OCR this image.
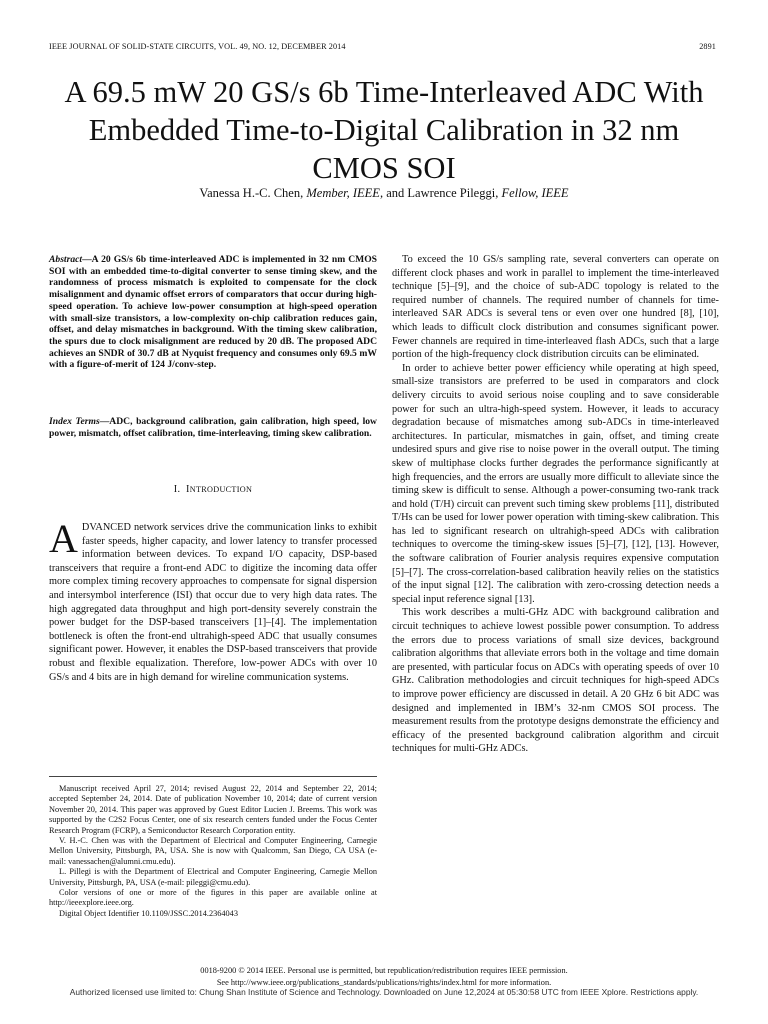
IEEE JOURNAL OF SOLID-STATE CIRCUITS, VOL. 49, NO. 12, DECEMBER 2014	2891
A 69.5 mW 20 GS/s 6b Time-Interleaved ADC With Embedded Time-to-Digital Calibration in 32 nm CMOS SOI
Vanessa H.-C. Chen, Member, IEEE, and Lawrence Pileggi, Fellow, IEEE
Abstract—A 20 GS/s 6b time-interleaved ADC is implemented in 32 nm CMOS SOI with an embedded time-to-digital converter to sense timing skew, and the randomness of process mismatch is exploited to compensate for the clock misalignment and dynamic offset errors of comparators that occur during high-speed operation. To achieve low-power consumption at high-speed operation with small-size transistors, a low-complexity on-chip calibration reduces gain, offset, and delay mismatches in background. With the timing skew calibration, the spurs due to clock misalignment are reduced by 20 dB. The proposed ADC achieves an SNDR of 30.7 dB at Nyquist frequency and consumes only 69.5 mW with a figure-of-merit of 124 J/conv-step.
Index Terms—ADC, background calibration, gain calibration, high speed, low power, mismatch, offset calibration, time-interleaving, timing skew calibration.
I. INTRODUCTION
ADVANCED network services drive the communication links to exhibit faster speeds, higher capacity, and lower latency to transfer processed information between devices. To expand I/O capacity, DSP-based transceivers that require a front-end ADC to digitize the incoming data offer more complex timing recovery approaches to compensate for signal dispersion and intersymbol interference (ISI) that occur due to very high data rates. The high aggregated data throughput and high port-density severely constrain the power budget for the DSP-based transceivers [1]–[4]. The implementation bottleneck is often the front-end ultrahigh-speed ADC that usually consumes significant power. However, it enables the DSP-based transceivers that provide robust and flexible equalization. Therefore, low-power ADCs with over 10 GS/s and 4 bits are in high demand for wireline communication systems.

Manuscript received April 27, 2014; revised August 22, 2014 and September 22, 2014; accepted September 24, 2014. Date of publication November 10, 2014; date of current version November 20, 2014. This paper was approved by Guest Editor Lucien J. Breems. This work was supported by the C2S2 Focus Center, one of six research centers funded under the Focus Center Research Program (FCRP), a Semiconductor Research Corporation entity.

V. H.-C. Chen was with the Department of Electrical and Computer Engineering, Carnegie Mellon University, Pittsburgh, PA, USA. She is now with Qualcomm, San Diego, CA USA (e-mail: vanessachen@alumni.cmu.edu).

L. Pillegi is with the Department of Electrical and Computer Engineering, Carnegie Mellon University, Pittsburgh, PA, USA (e-mail: pileggi@cmu.edu).

Color versions of one or more of the figures in this paper are available online at http://ieeexplore.ieee.org.

Digital Object Identifier 10.1109/JSSC.2014.2364043

To exceed the 10 GS/s sampling rate, several converters can operate on different clock phases and work in parallel to implement the time-interleaved technique [5]–[9], and the choice of sub-ADC topology is related to the required number of channels. The required number of channels for time-interleaved SAR ADCs is several tens or even over one hundred [8], [10], which leads to difficult clock distribution and consumes significant power. Fewer channels are required in time-interleaved flash ADCs, such that a large portion of the high-frequency clock distribution circuits can be eliminated.

In order to achieve better power efficiency while operating at high speed, small-size transistors are preferred to be used in comparators and clock delivery circuits to avoid serious noise coupling and to save considerable power for such an ultra-high-speed system. However, it leads to accuracy degradation because of mismatches among sub-ADCs in time-interleaved architectures. In particular, mismatches in gain, offset, and timing create undesired spurs and give rise to noise power in the overall output. The timing skew of multiphase clocks further degrades the performance significantly at high frequencies, and the errors are usually more difficult to alleviate since the timing skew is difficult to sense. Although a power-consuming two-rank track and hold (T/H) circuit can prevent such timing skew problems [11], distributed T/Hs can be used for lower power operation with timing-skew calibration. This has led to significant research on ultrahigh-speed ADCs with calibration techniques to overcome the timing-skew issues [5]–[7], [12], [13]. However, the software calibration of Fourier analysis requires expensive computation [5]–[7]. The cross-correlation-based calibration heavily relies on the statistics of the input signal [12]. The calibration with zero-crossing detection needs a special input reference signal [13].

This work describes a multi-GHz ADC with background calibration and circuit techniques to achieve lowest possible power consumption. To address the errors due to process variations of small size devices, background calibration algorithms that alleviate errors both in the voltage and time domain are presented, with particular focus on ADCs with operating speeds of over 10 GHz. Calibration methodologies and circuit techniques for high-speed ADCs to improve power efficiency are discussed in detail. A 20 GHz 6 bit ADC was designed and implemented in IBM’s 32-nm CMOS SOI process. The measurement results from the prototype designs demonstrate the efficiency and efficacy of the presented background calibration algorithm and circuit techniques for multi-GHz ADCs.

0018-9200 © 2014 IEEE. Personal use is permitted, but republication/redistribution requires IEEE permission.
See http://www.ieee.org/publications_standards/publications/rights/index.html for more information.
Authorized licensed use limited to: Chung Shan Institute of Science and Technology. Downloaded on June 12,2024 at 05:30:58 UTC from IEEE Xplore. Restrictions apply.
